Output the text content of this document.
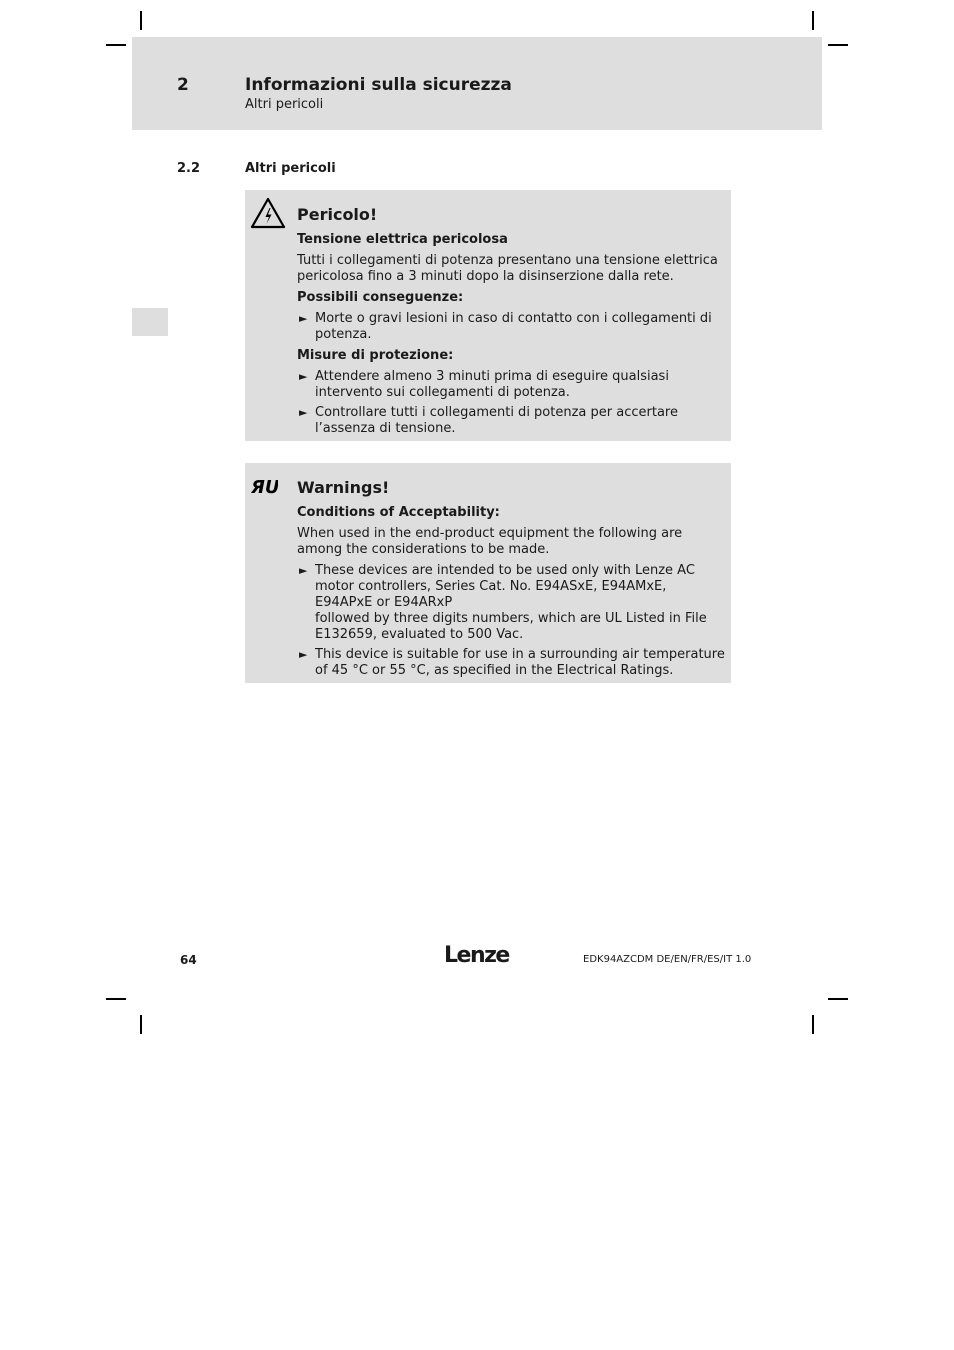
2	Informazioni sulla sicurezza
Altri pericoli
2.2	Altri pericoli
Pericolo!
Tensione elettrica pericolosa

Tutti i collegamenti di potenza presentano una tensione elettrica pericolosa fino a 3 minuti dopo la disinserzione dalla rete.

Possibili conseguenze:
► Morte o gravi lesioni in caso di contatto con i collegamenti di potenza.
Misure di protezione:
► Attendere almeno 3 minuti prima di eseguire qualsiasi intervento sui collegamenti di potenza.
► Controllare tutti i collegamenti di potenza per accertare l’assenza di tensione.
ЯU Warnings!
Conditions of Acceptability:

When used in the end-product equipment the following are among the considerations to be made.

► These devices are intended to be used only with Lenze AC motor controllers, Series Cat. No. E94ASxE, E94AMxE, E94APxE or E94ARxP
followed by three digits numbers, which are UL Listed in File E132659, evaluated to 500 Vac.
► This device is suitable for use in a surrounding air temperature of 45 °C or 55 °C, as specified in the Electrical Ratings.
64	Lenze	EDK94AZCDM DE/EN/FR/ES/IT 1.0
